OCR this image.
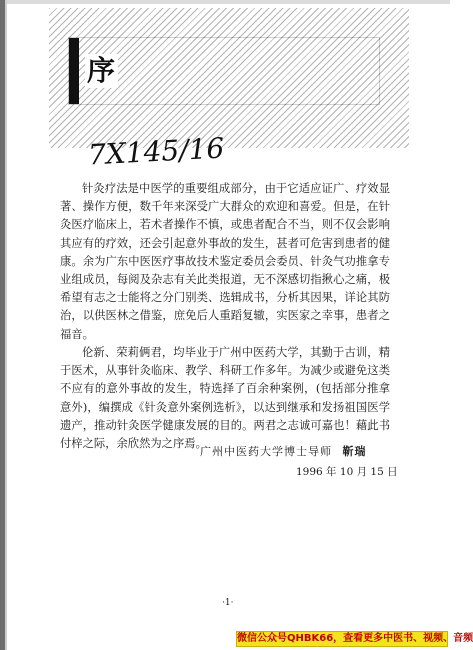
序
7X145/16

针灸疗法是中医学的重要组成部分，由于它适应证广、疗效显著、操作方便，数千年来深受广大群众的欢迎和喜爱。但是，在针灸医疗临床上，若术者操作不慎，或患者配合不当，则不仅会影响其应有的疗效，还会引起意外事故的发生，甚者可危害到患者的健康。余为广东中医医疗事故技术鉴定委员会委员、针灸气功推拿专业组成员，每阅及杂志有关此类报道，无不深感切指揪心之痛，极希望有志之士能将之分门别类、选辑成书，分析其因果，详论其防治，以供医林之借鉴，庶免后人重蹈复辙，实医家之幸事，患者之福音。

伦新、荣莉俩君，均毕业于广州中医药大学，其勤于古训，精于医术，从事针灸临床、教学、科研工作多年。为减少或避免这类不应有的意外事故的发生，特选择了百余种案例，(包括部分推拿意外)，编撰成《针灸意外案例选析》，以达到继承和发扬祖国医学遗产，推动针灸医学健康发展的目的。两君之志诚可嘉也！藉此书付梓之际，余欣然为之序焉。

广州中医药大学博士导师 靳瑞
1996 年 10 月 15 日
·1·
微信公众号QHBK66，查看更多中医书、视频、音频
